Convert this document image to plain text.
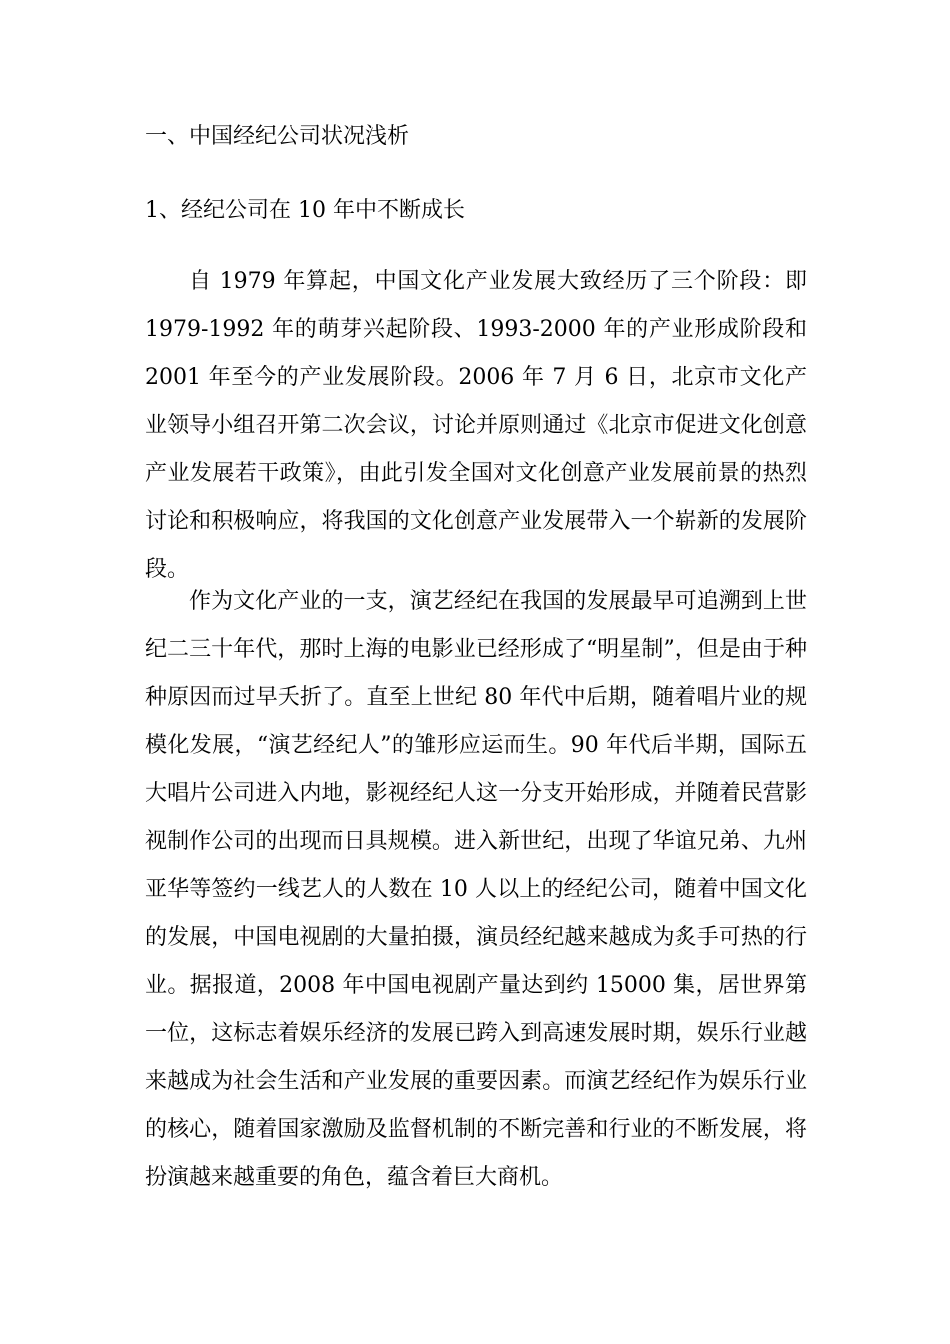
一、中国经纪公司状况浅析
1、经纪公司在 10 年中不断成长

自 1979 年算起，中国文化产业发展大致经历了三个阶段：即 1979-1992 年的萌芽兴起阶段、1993-2000 年的产业形成阶段和 2001 年至今的产业发展阶段。2006 年 7 月 6 日，北京市文化产业领导小组召开第二次会议，讨论并原则通过《北京市促进文化创意产业发展若干政策》，由此引发全国对文化创意产业发展前景的热烈讨论和积极响应，将我国的文化创意产业发展带入一个崭新的发展阶段。

作为文化产业的一支，演艺经纪在我国的发展最早可追溯到上世纪二三十年代，那时上海的电影业已经形成了“明星制”，但是由于种种原因而过早夭折了。直至上世纪 80 年代中后期，随着唱片业的规模化发展，“演艺经纪人”的雏形应运而生。90 年代后半期，国际五大唱片公司进入内地，影视经纪人这一分支开始形成，并随着民营影视制作公司的出现而日具规模。进入新世纪，出现了华谊兄弟、九州亚华等签约一线艺人的人数在 10 人以上的经纪公司，随着中国文化的发展，中国电视剧的大量拍摄，演员经纪越来越成为炙手可热的行业。据报道，2008 年中国电视剧产量达到约 15000 集，居世界第一位，这标志着娱乐经济的发展已跨入到高速发展时期，娱乐行业越来越成为社会生活和产业发展的重要因素。而演艺经纪作为娱乐行业的核心，随着国家激励及监督机制的不断完善和行业的不断发展，将扮演越来越重要的角色，蕴含着巨大商机。
